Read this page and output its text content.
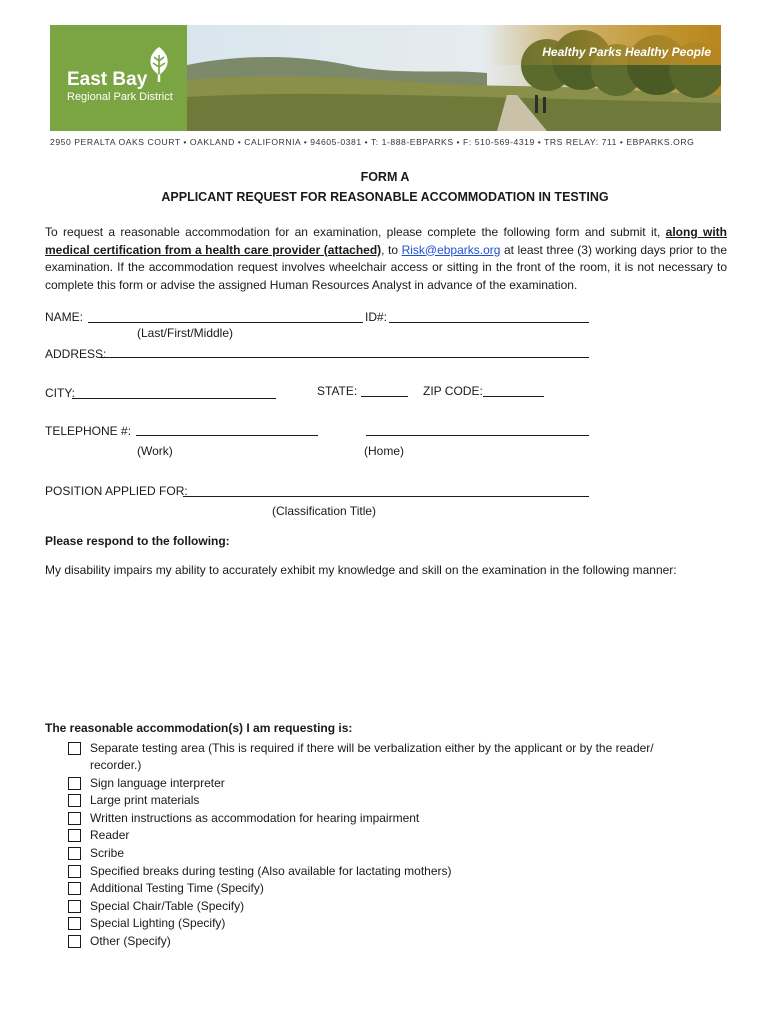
East Bay
Regional Park District
Healthy Parks Healthy People
2950 PERALTA OAKS COURT • OAKLAND • CALIFORNIA • 94605-0381 • T: 1-888-EBPARKS • F: 510-569-4319 • TRS RELAY: 711 • EBPARKS.ORG
FORM A
APPLICANT REQUEST FOR REASONABLE ACCOMMODATION IN TESTING
To request a reasonable accommodation for an examination, please complete the following form and submit it, along with medical certification from a health care provider (attached), to Risk@ebparks.org at least three (3) working days prior to the examination. If the accommodation request involves wheelchair access or sitting in the front of the room, it is not necessary to complete this form or advise the assigned Human Resources Analyst in advance of the examination.
NAME:	ID#:
(Last/First/Middle)
ADDRESS:
CITY:	STATE:	ZIP CODE:
TELEPHONE #:
(Work)	(Home)
POSITION APPLIED FOR:
(Classification Title)
Please respond to the following:
My disability impairs my ability to accurately exhibit my knowledge and skill on the examination in the following manner:
The reasonable accommodation(s) I am requesting is:
Separate testing area (This is required if there will be verbalization either by the applicant or by the reader/
recorder.)
Sign language interpreter
Large print materials
Written instructions as accommodation for hearing impairment
Reader
Scribe
Specified breaks during testing (Also available for lactating mothers)
Additional Testing Time (Specify)
Special Chair/Table (Specify)
Special Lighting (Specify)
Other (Specify)
